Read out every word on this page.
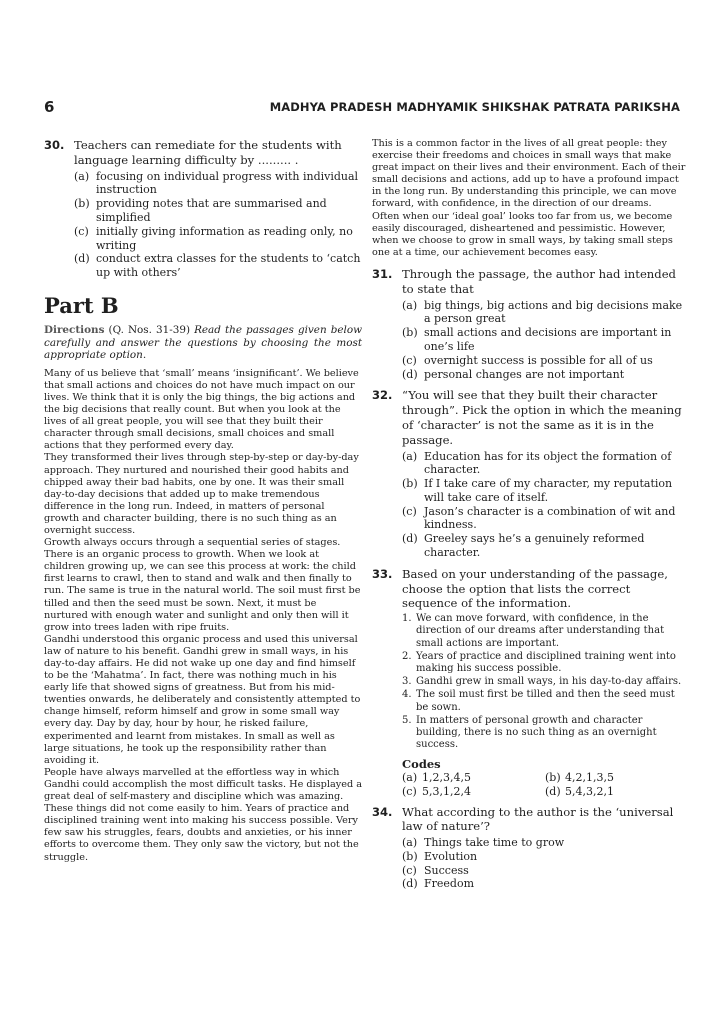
6	MADHYA PRADESH MADHYAMIK SHIKSHAK PATRATA PARIKSHA
30. Teachers can remediate for the students with language learning difficulty by ......... .
(a) focusing on individual progress with individual instruction
(b) providing notes that are summarised and simplified
(c) initially giving information as reading only, no writing
(d) conduct extra classes for the students to ‘catch up with others’
Part B
Directions (Q. Nos. 31-39) Read the passages given below carefully and answer the questions by choosing the most appropriate option.
Many of us believe that ‘small’ means ‘insignificant’. We believe that small actions and choices do not have much impact on our lives. We think that it is only the big things, the big actions and the big decisions that really count. But when you look at the lives of all great people, you will see that they built their character through small decisions, small choices and small actions that they performed every day.
They transformed their lives through step-by-step or day-by-day approach. They nurtured and nourished their good habits and chipped away their bad habits, one by one. It was their small day-to-day decisions that added up to make tremendous difference in the long run. Indeed, in matters of personal growth and character building, there is no such thing as an overnight success.
Growth always occurs through a sequential series of stages. There is an organic process to growth. When we look at children growing up, we can see this process at work: the child first learns to crawl, then to stand and walk and then finally to run. The same is true in the natural world. The soil must first be tilled and then the seed must be sown. Next, it must be nurtured with enough water and sunlight and only then will it grow into trees laden with ripe fruits.
Gandhi understood this organic process and used this universal law of nature to his benefit. Gandhi grew in small ways, in his day-to-day affairs. He did not wake up one day and find himself to be the ‘Mahatma’. In fact, there was nothing much in his early life that showed signs of greatness. But from his mid-twenties onwards, he deliberately and consistently attempted to change himself, reform himself and grow in some small way every day. Day by day, hour by hour, he risked failure, experimented and learnt from mistakes. In small as well as large situations, he took up the responsibility rather than avoiding it.
People have always marvelled at the effortless way in which Gandhi could accomplish the most difficult tasks. He displayed a great deal of self-mastery and discipline which was amazing. These things did not come easily to him. Years of practice and disciplined training went into making his success possible. Very few saw his struggles, fears, doubts and anxieties, or his inner efforts to overcome them. They only saw the victory, but not the struggle.
This is a common factor in the lives of all great people: they exercise their freedoms and choices in small ways that make great impact on their lives and their environment. Each of their small decisions and actions, add up to have a profound impact in the long run. By understanding this principle, we can move forward, with confidence, in the direction of our dreams.
Often when our ‘ideal goal’ looks too far from us, we become easily discouraged, disheartened and pessimistic. However, when we choose to grow in small ways, by taking small steps one at a time, our achievement becomes easy.
31. Through the passage, the author had intended to state that
(a) big things, big actions and big decisions make a person great
(b) small actions and decisions are important in one’s life
(c) overnight success is possible for all of us
(d) personal changes are not important
32. “You will see that they built their character through”. Pick the option in which the meaning of ‘character’ is not the same as it is in the passage.
(a) Education has for its object the formation of character.
(b) If I take care of my character, my reputation will take care of itself.
(c) Jason’s character is a combination of wit and kindness.
(d) Greeley says he’s a genuinely reformed character.
33. Based on your understanding of the passage, choose the option that lists the correct sequence of the information.
1. We can move forward, with confidence, in the direction of our dreams after understanding that small actions are important.
2. Years of practice and disciplined training went into making his success possible.
3. Gandhi grew in small ways, in his day-to-day affairs.
4. The soil must first be tilled and then the seed must be sown.
5. In matters of personal growth and character building, there is no such thing as an overnight success.
Codes
(a) 1,2,3,4,5	(b) 4,2,1,3,5
(c) 5,3,1,2,4	(d) 5,4,3,2,1
34. What according to the author is the ‘universal law of nature’?
(a) Things take time to grow
(b) Evolution
(c) Success
(d) Freedom
